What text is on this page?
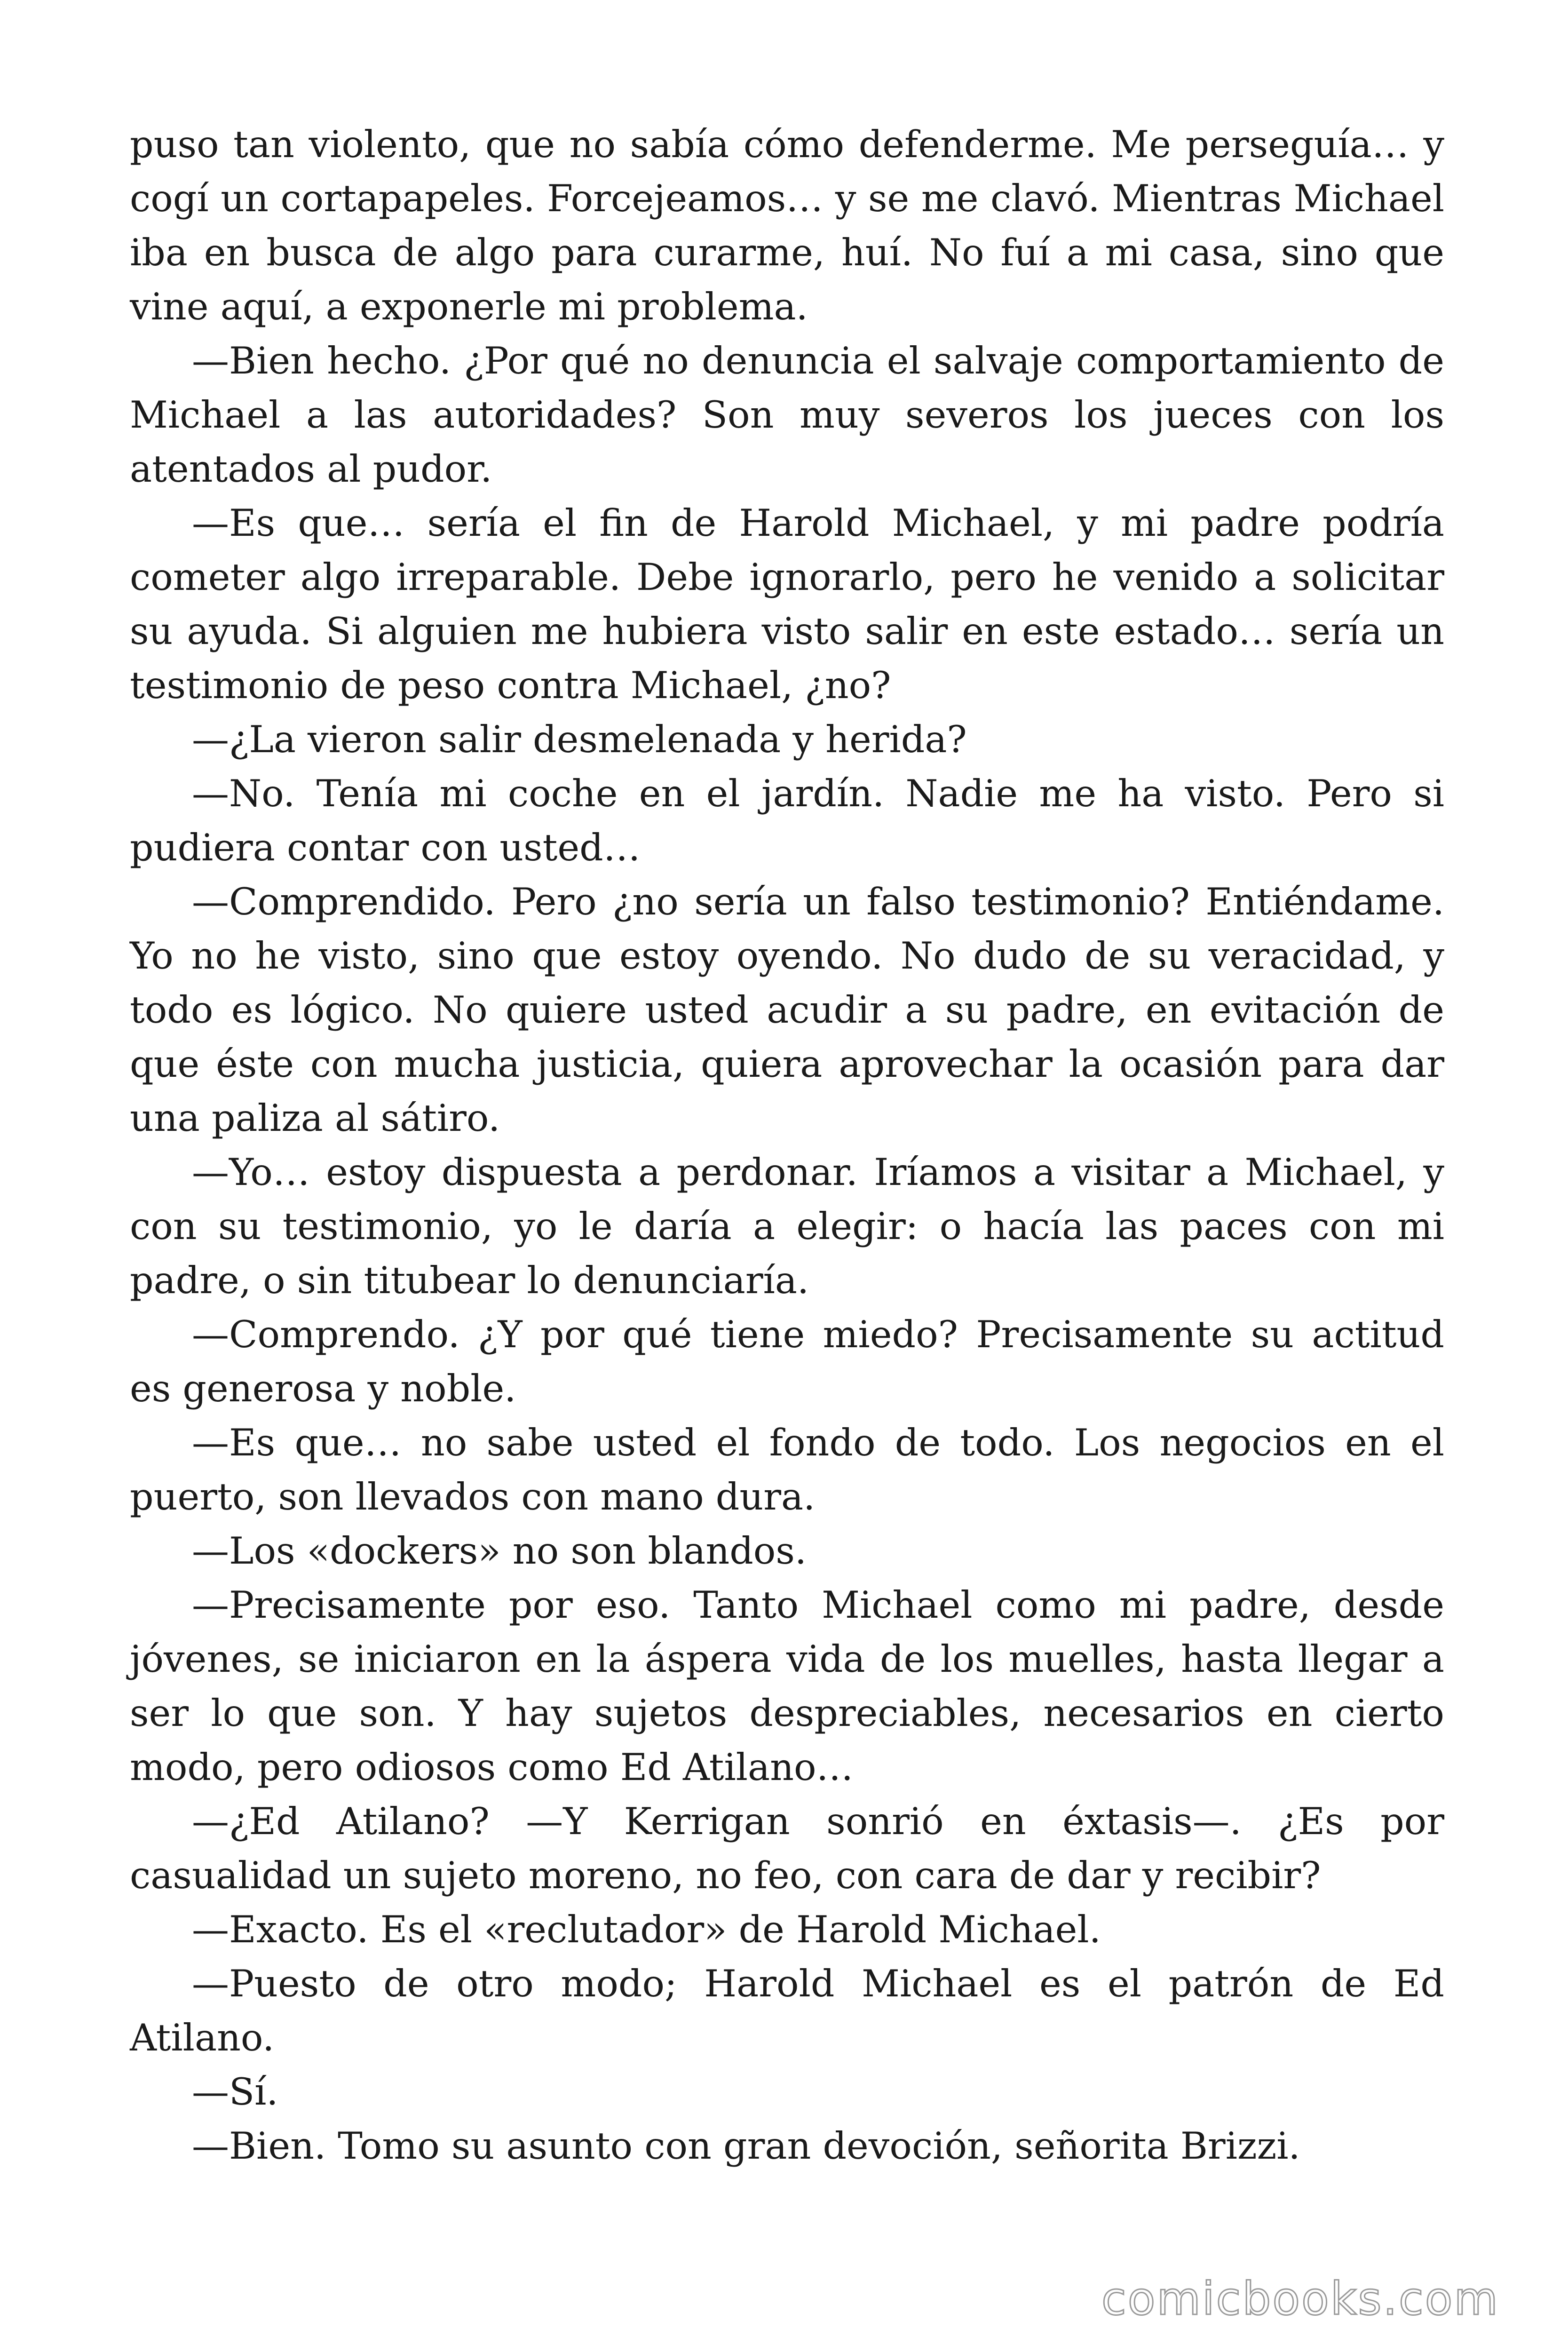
puso tan violento, que no sabía cómo defenderme. Me perseguía… y cogí un cortapapeles. Forcejeamos… y se me clavó. Mientras Michael iba en busca de algo para curarme, huí. No fuí a mi casa, sino que vine aquí, a exponerle mi problema.

—Bien hecho. ¿Por qué no denuncia el salvaje comportamiento de Michael a las autoridades? Son muy severos los jueces con los atentados al pudor.

—Es que… sería el fin de Harold Michael, y mi padre podría cometer algo irreparable. Debe ignorarlo, pero he venido a solicitar su ayuda. Si alguien me hubiera visto salir en este estado… sería un testimonio de peso contra Michael, ¿no?

—¿La vieron salir desmelenada y herida?

—No. Tenía mi coche en el jardín. Nadie me ha visto. Pero si pudiera contar con usted…

—Comprendido. Pero ¿no sería un falso testimonio? Entiéndame. Yo no he visto, sino que estoy oyendo. No dudo de su veracidad, y todo es lógico. No quiere usted acudir a su padre, en evitación de que éste con mucha justicia, quiera aprovechar la ocasión para dar una paliza al sátiro.

—Yo… estoy dispuesta a perdonar. Iríamos a visitar a Michael, y con su testimonio, yo le daría a elegir: o hacía las paces con mi padre, o sin titubear lo denunciaría.

—Comprendo. ¿Y por qué tiene miedo? Precisamente su actitud es generosa y noble.

—Es que… no sabe usted el fondo de todo. Los negocios en el puerto, son llevados con mano dura.

—Los «dockers» no son blandos.

—Precisamente por eso. Tanto Michael como mi padre, desde jóvenes, se iniciaron en la áspera vida de los muelles, hasta llegar a ser lo que son. Y hay sujetos despreciables, necesarios en cierto modo, pero odiosos como Ed Atilano…

—¿Ed Atilano? —Y Kerrigan sonrió en éxtasis—. ¿Es por casualidad un sujeto moreno, no feo, con cara de dar y recibir?

—Exacto. Es el «reclutador» de Harold Michael.

—Puesto de otro modo; Harold Michael es el patrón de Ed Atilano.

—Sí.

—Bien. Tomo su asunto con gran devoción, señorita Brizzi.

comicbooks.com
